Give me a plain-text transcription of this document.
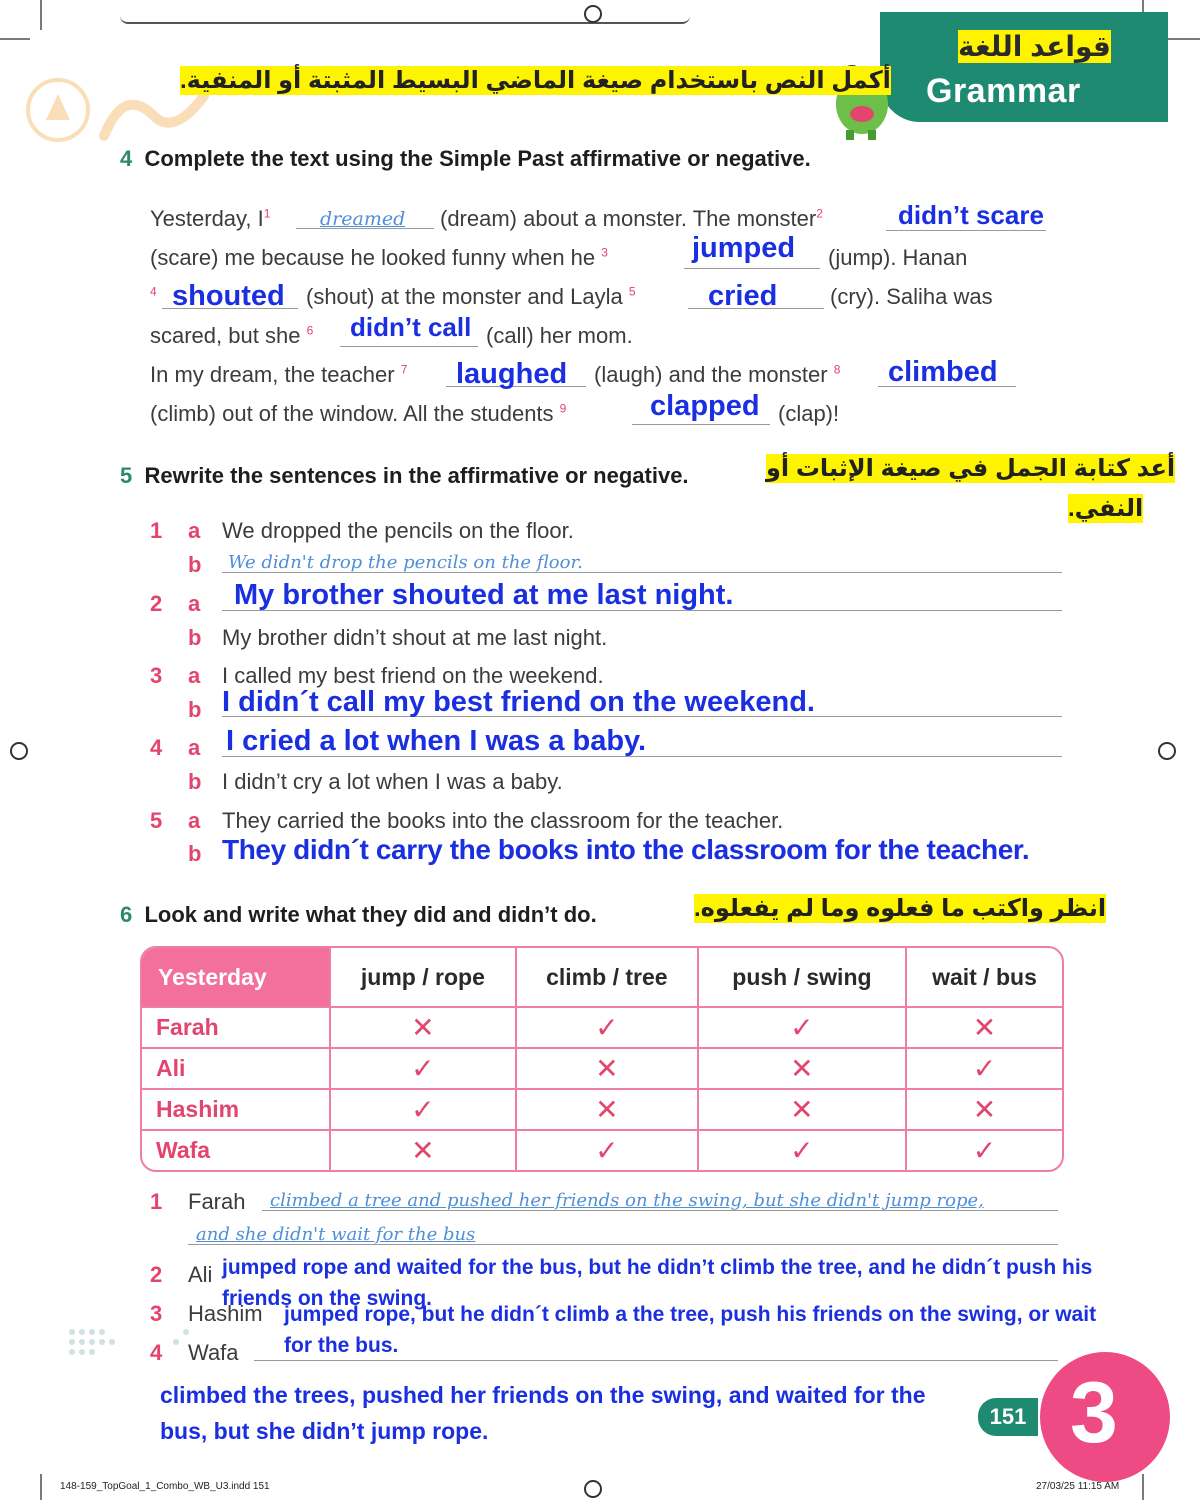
قواعد اللغة
Grammar
أكمل النص باستخدام صيغة الماضي البسيط المثبتة أو المنفية.
4 Complete the text using the Simple Past affirmative or negative.
Yesterday, $I^1$	dreamed (dream) about a monster. The monster$^2$	didn’t scare
(scare) me because he looked funny when he $^3$	jumped (jump). Hanan
$^4$ shouted (shout) at the monster and Layla $^5$ cried (cry). Saliha was
scared, but she $^6$ didn’t call (call) her mom.
In my dream, the teacher $^7$ laughed (laugh) and the monster $^8$ climbed
(climb) out of the window. All the students $^9$	clapped (clap)!
5 Rewrite the sentences in the affirmative or negative.	أعد كتابة الجمل في صيغة الإثبات أو
النفي.
1 a We dropped the pencils on the floor.
b We didn't drop the pencils on the floor.
2 a My brother shouted at me last night.
b My brother didn’t shout at me last night.
3 a I called my best friend on the weekend.
b I didn´t call my best friend on the weekend.
4 a I cried a lot when I was a baby.
b I didn’t cry a lot when I was a baby.
5 a They carried the books into the classroom for the teacher.
b They didn´t carry the books into the classroom for the teacher.
6 Look and write what they did and didn’t do.	انظر واكتب ما فعلوه وما لم يفعلوه.
Yesterday	jump / rope	climb / tree	push / swing	wait / bus
Farah	✕	✓	✓	✕
Ali	✓	✕	✕	✓
Hashim	✓	✕	✕	✕
Wafa	✕	✓	✓	✓
1 Farah climbed a tree and pushed her friends on the swing, but she didn't jump rope,
and she didn't wait for the bus
2 Ali jumped rope and waited for the bus, but he didn’t climb the tree, and he didn´t push his
friends on the swing.
3 Hashim jumped rope, but he didn´t climb a the tree, push his friends on the swing, or wait
for the bus.
4 Wafa
climbed the trees, pushed her friends on the swing, and waited for the
bus, but she didn’t jump rope.
151 3
148-159_TopGoal_1_Combo_WB_U3.indd 151	27/03/25 11:15 AM
